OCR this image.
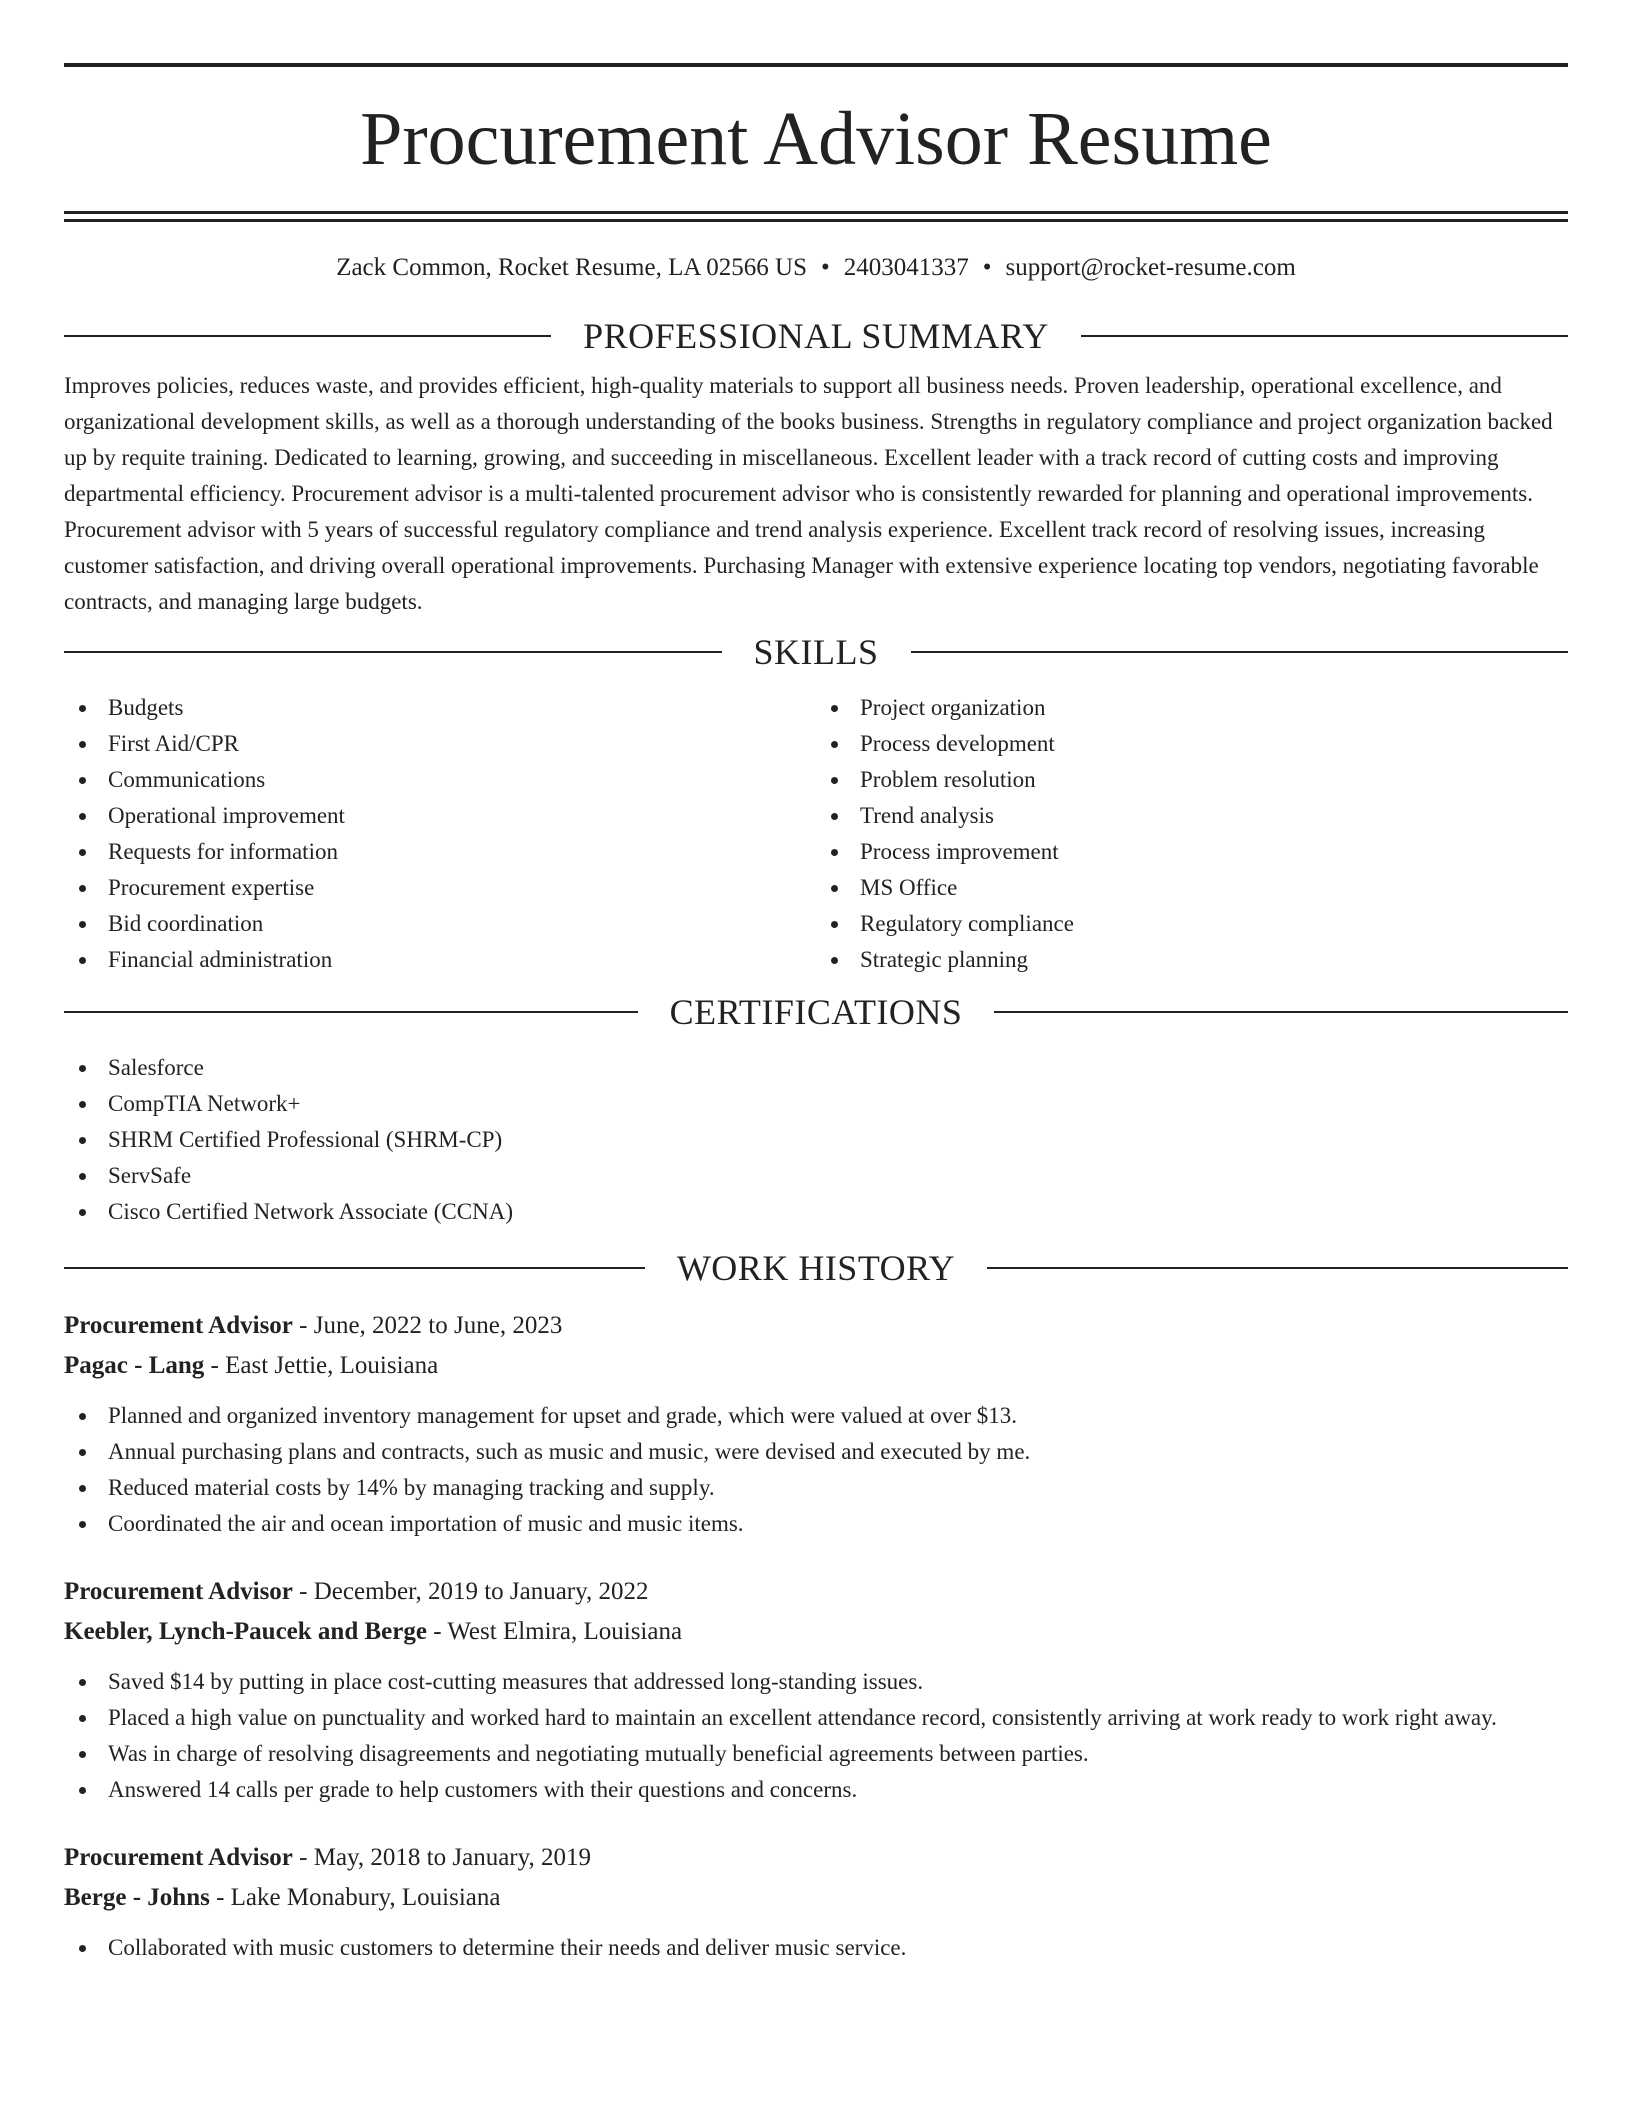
Procurement Advisor Resume
Zack Common, Rocket Resume, LA 02566 US • 2403041337 • support@rocket-resume.com
PROFESSIONAL SUMMARY

Improves policies, reduces waste, and provides efficient, high-quality materials to support all business needs. Proven leadership, operational excellence, and organizational development skills, as well as a thorough understanding of the books business. Strengths in regulatory compliance and project organization backed up by requite training. Dedicated to learning, growing, and succeeding in miscellaneous. Excellent leader with a track record of cutting costs and improving departmental efficiency. Procurement advisor is a multi-talented procurement advisor who is consistently rewarded for planning and operational improvements. Procurement advisor with 5 years of successful regulatory compliance and trend analysis experience. Excellent track record of resolving issues, increasing customer satisfaction, and driving overall operational improvements. Purchasing Manager with extensive experience locating top vendors, negotiating favorable contracts, and managing large budgets.

SKILLS
Budgets
First Aid/CPR
Communications
Operational improvement
Requests for information
Procurement expertise
Bid coordination
Financial administration
Project organization
Process development
Problem resolution
Trend analysis
Process improvement
MS Office
Regulatory compliance
Strategic planning
CERTIFICATIONS
Salesforce
CompTIA Network+
SHRM Certified Professional (SHRM-CP)
ServSafe
Cisco Certified Network Associate (CCNA)
WORK HISTORY
Procurement Advisor - June, 2022 to June, 2023
Pagac - Lang - East Jettie, Louisiana
Planned and organized inventory management for upset and grade, which were valued at over $13.
Annual purchasing plans and contracts, such as music and music, were devised and executed by me.
Reduced material costs by 14% by managing tracking and supply.
Coordinated the air and ocean importation of music and music items.
Procurement Advisor - December, 2019 to January, 2022
Keebler, Lynch-Paucek and Berge - West Elmira, Louisiana
Saved $14 by putting in place cost-cutting measures that addressed long-standing issues.
Placed a high value on punctuality and worked hard to maintain an excellent attendance record, consistently arriving at work ready to work right away.
Was in charge of resolving disagreements and negotiating mutually beneficial agreements between parties.
Answered 14 calls per grade to help customers with their questions and concerns.
Procurement Advisor - May, 2018 to January, 2019
Berge - Johns - Lake Monabury, Louisiana
Collaborated with music customers to determine their needs and deliver music service.
